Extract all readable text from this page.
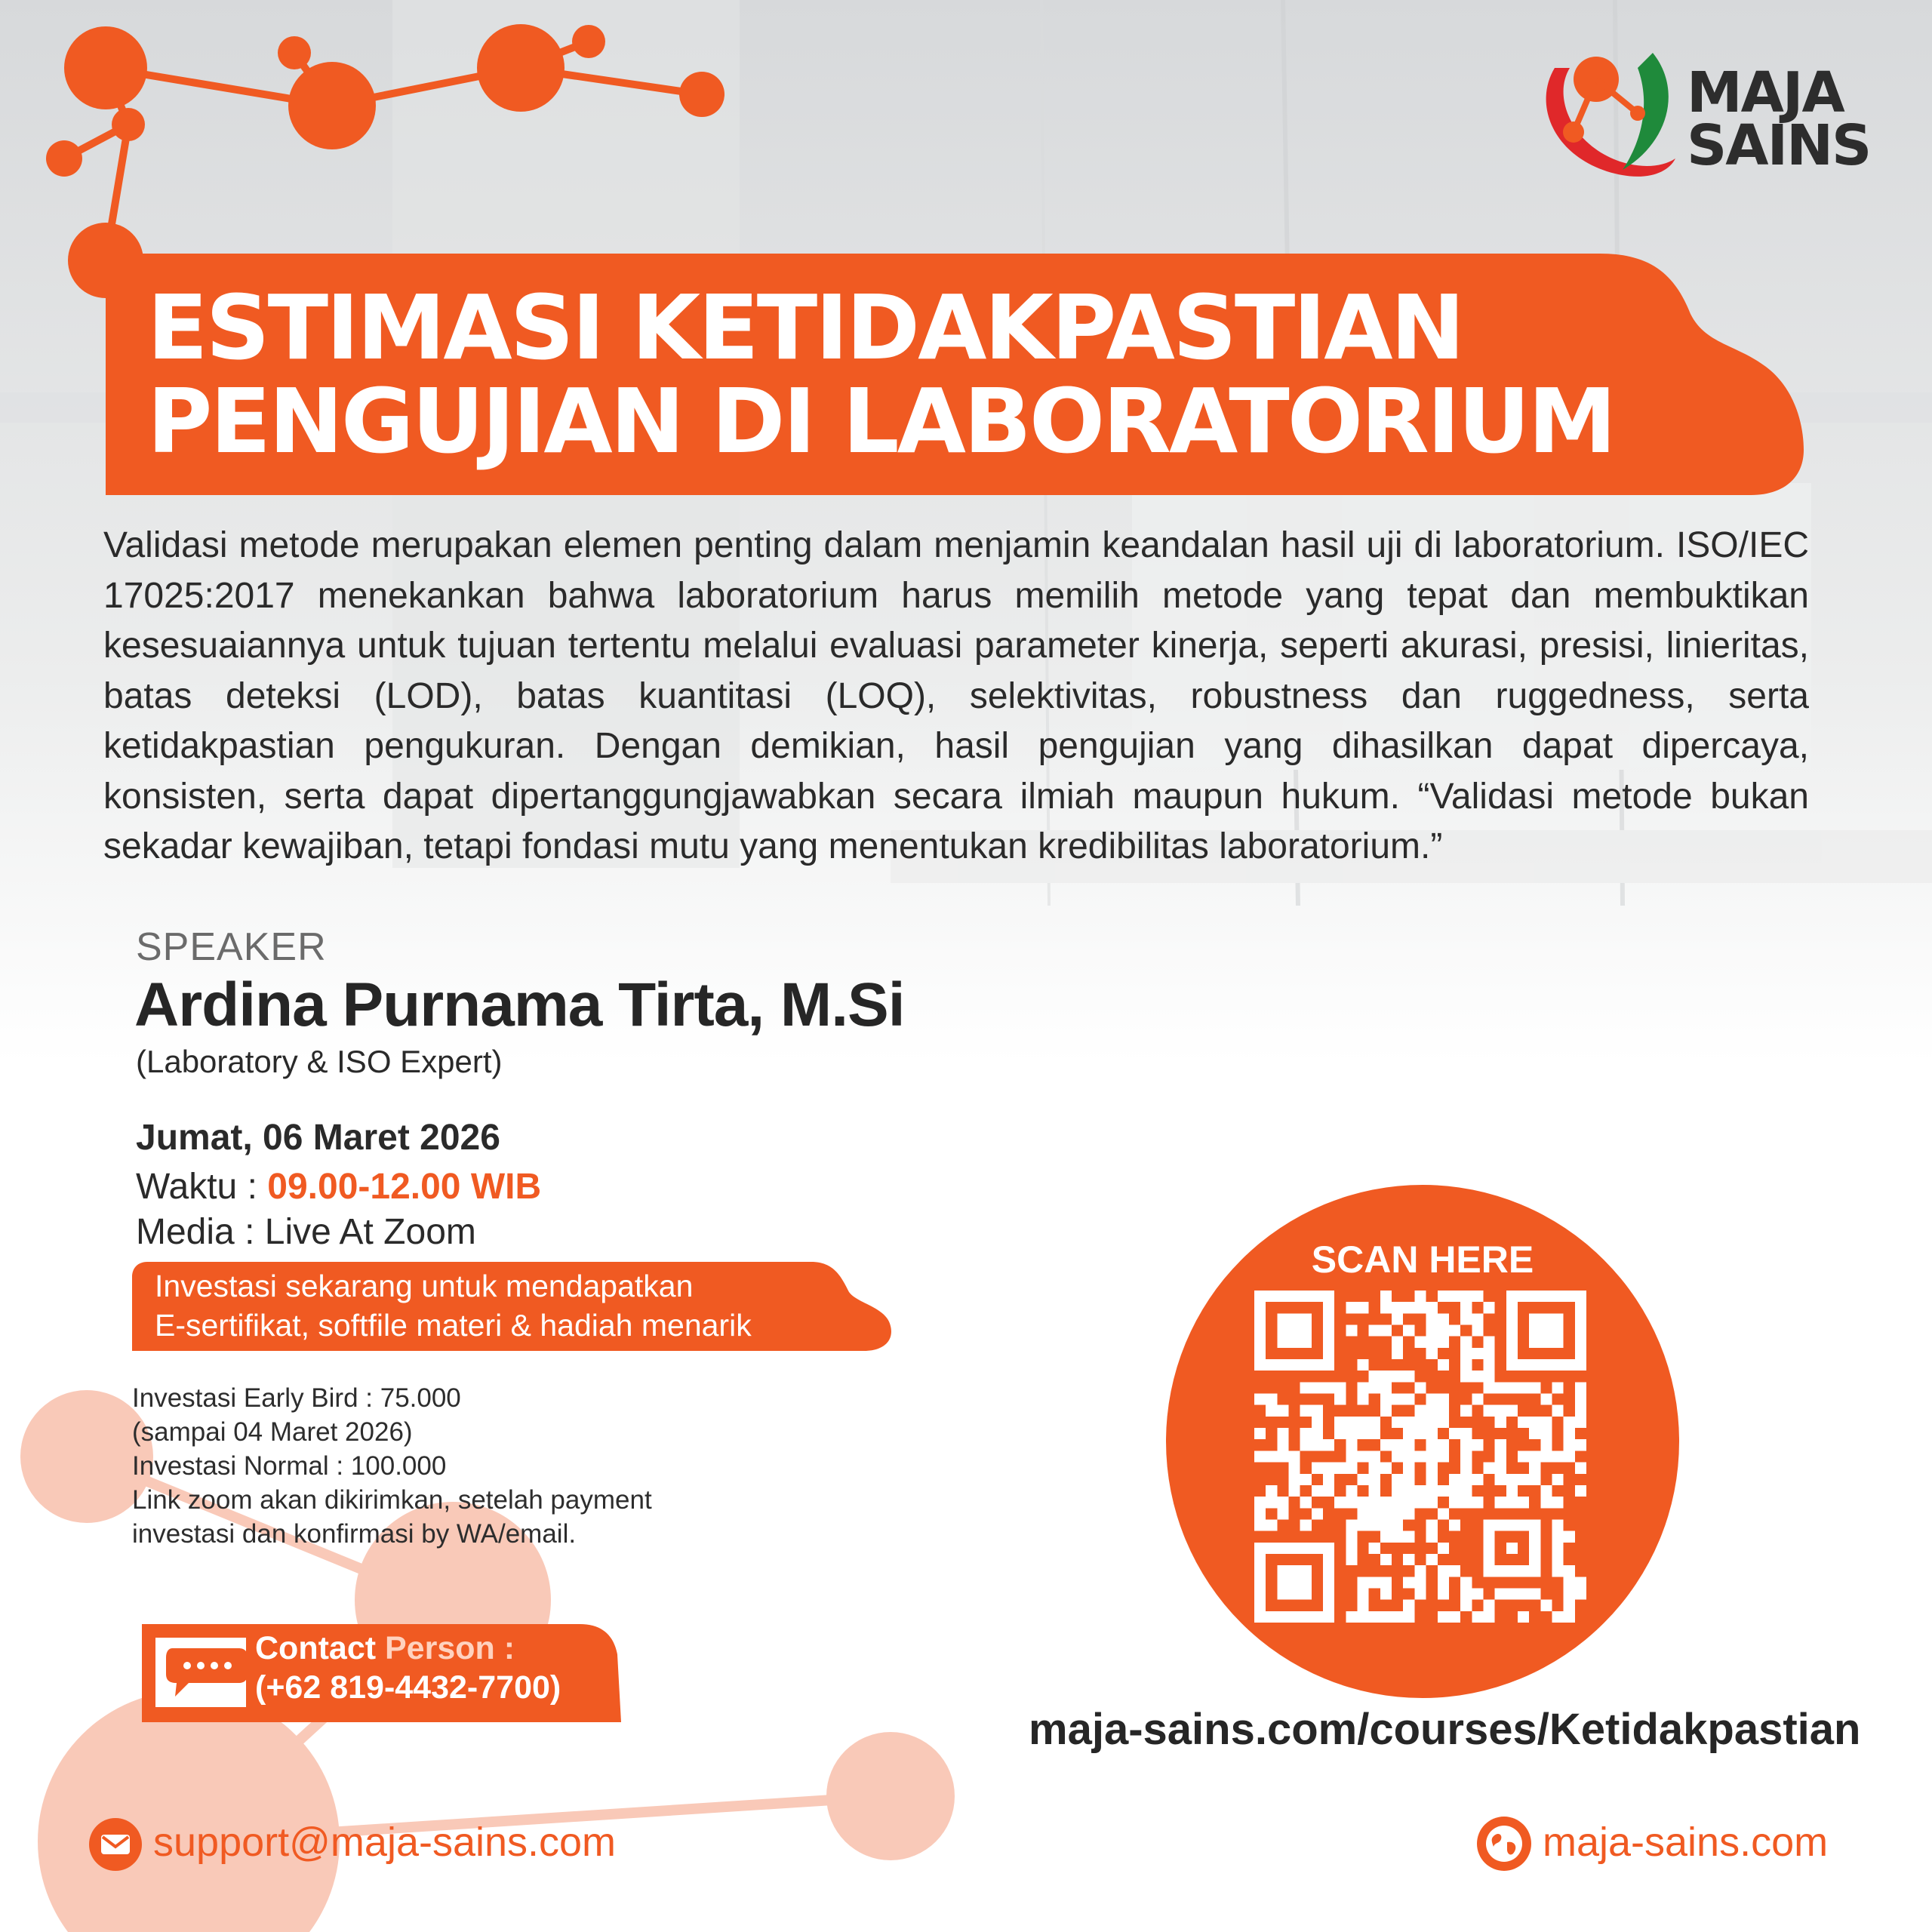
MAJA
SAINS
ESTIMASI KETIDAKPASTIAN
PENGUJIAN DI LABORATORIUM

Validasi metode merupakan elemen penting dalam menjamin keandalan hasil uji di laboratorium. ISO/IEC 17025:2017 menekankan bahwa laboratorium harus memilih metode yang tepat dan membuktikan kesesuaiannya untuk tujuan tertentu melalui evaluasi parameter kinerja, seperti akurasi, presisi, linieritas, batas deteksi (LOD), batas kuantitasi (LOQ), selektivitas, robustness dan ruggedness, serta ketidakpastian pengukuran. Dengan demikian, hasil pengujian yang dihasilkan dapat dipercaya, konsisten, serta dapat dipertanggungjawabkan secara ilmiah maupun hukum. “Validasi metode bukan sekadar kewajiban, tetapi fondasi mutu yang menentukan kredibilitas laboratorium.”

SPEAKER
Ardina Purnama Tirta, M.Si
(Laboratory & ISO Expert)
Jumat, 06 Maret 2026
Waktu : 09.00-12.00 WIB
Media : Live At Zoom
Investasi sekarang untuk mendapatkan
E-sertifikat, softfile materi & hadiah menarik
Investasi Early Bird : 75.000
(sampai 04 Maret 2026)
Investasi Normal : 100.000
Link zoom akan dikirimkan, setelah payment
investasi dan konfirmasi by WA/email.
Contact Person :
(+62 819-4432-7700)
SCAN HERE
maja-sains.com/courses/Ketidakpastian
support@maja-sains.com	maja-sains.com
